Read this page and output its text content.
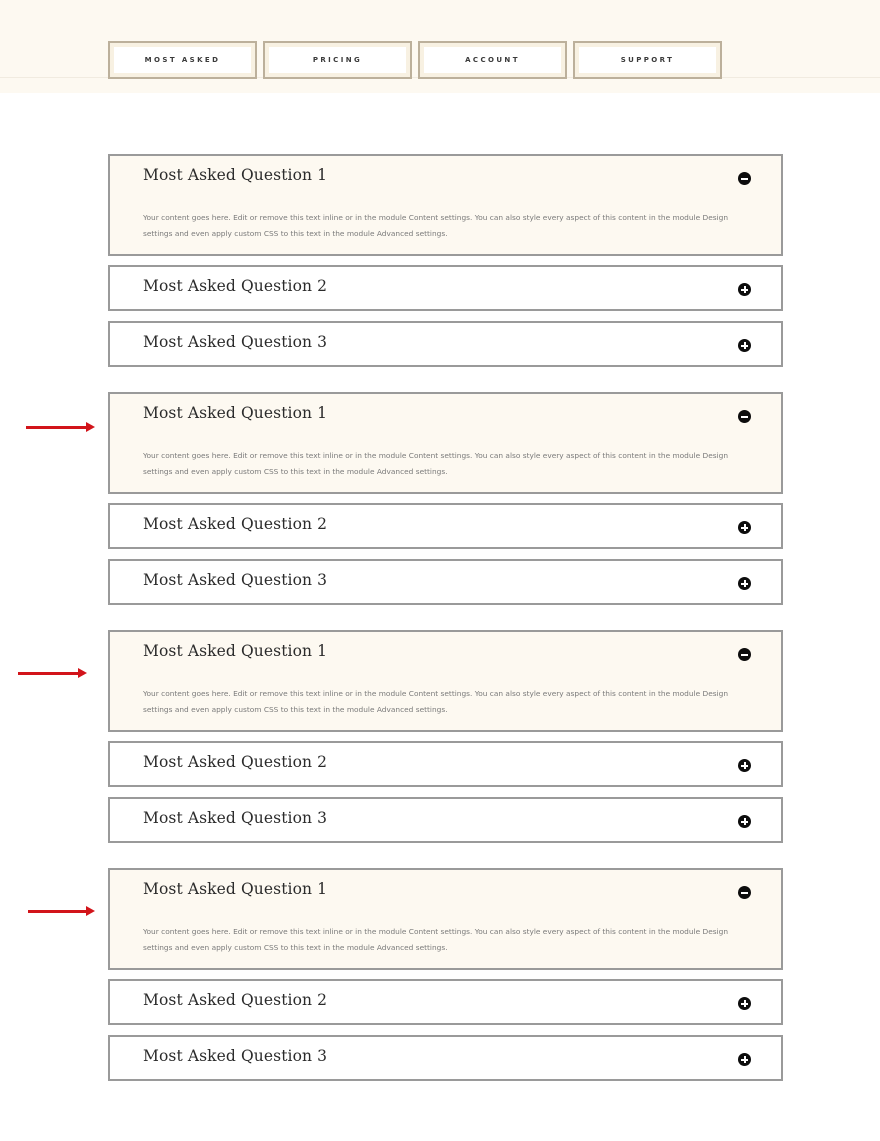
MOST ASKED	PRICING	ACCOUNT	SUPPORT
Most Asked Question 1
Your content goes here. Edit or remove this text inline or in the module Content settings. You can also style every aspect of this content in the module Design settings and even apply custom CSS to this text in the module Advanced settings.
Most Asked Question 2
Most Asked Question 3
Most Asked Question 1
Your content goes here. Edit or remove this text inline or in the module Content settings. You can also style every aspect of this content in the module Design settings and even apply custom CSS to this text in the module Advanced settings.
Most Asked Question 2
Most Asked Question 3
Most Asked Question 1
Your content goes here. Edit or remove this text inline or in the module Content settings. You can also style every aspect of this content in the module Design settings and even apply custom CSS to this text in the module Advanced settings.
Most Asked Question 2
Most Asked Question 3
Most Asked Question 1
Your content goes here. Edit or remove this text inline or in the module Content settings. You can also style every aspect of this content in the module Design settings and even apply custom CSS to this text in the module Advanced settings.
Most Asked Question 2
Most Asked Question 3
